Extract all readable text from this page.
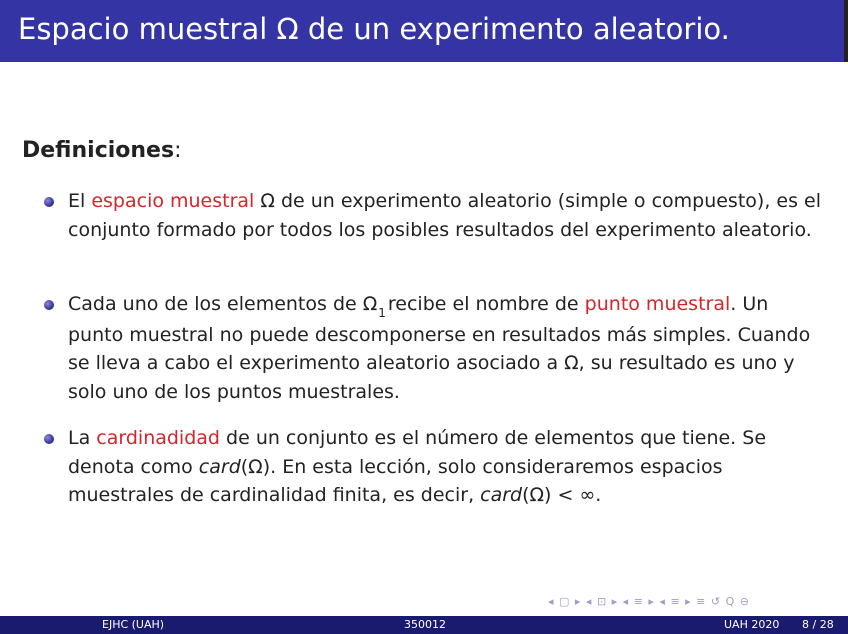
Espacio muestral Ω de un experimento aleatorio.
Definiciones:
El espacio muestral Ω de un experimento aleatorio (simple o compuesto), es el conjunto formado por todos los posibles resultados del experimento aleatorio.
Cada uno de los elementos de $\Omega_1$ recibe el nombre de punto muestral. Un punto muestral no puede descomponerse en resultados más simples. Cuando se lleva a cabo el experimento aleatorio asociado a Ω, su resultado es uno y solo uno de los puntos muestrales.
La cardinadidad de un conjunto es el número de elementos que tiene. Se denota como card(Ω). En esta lección, solo consideraremos espacios muestrales de cardinalidad finita, es decir, card(Ω) < ∞.
◂ ▢ ▸ ◂ ⊡ ▸ ◂ ≡ ▸ ◂ ≡ ▸ ≡ ↺ Q ⊖
EJHC (UAH)	350012	UAH 2020 8 / 28
